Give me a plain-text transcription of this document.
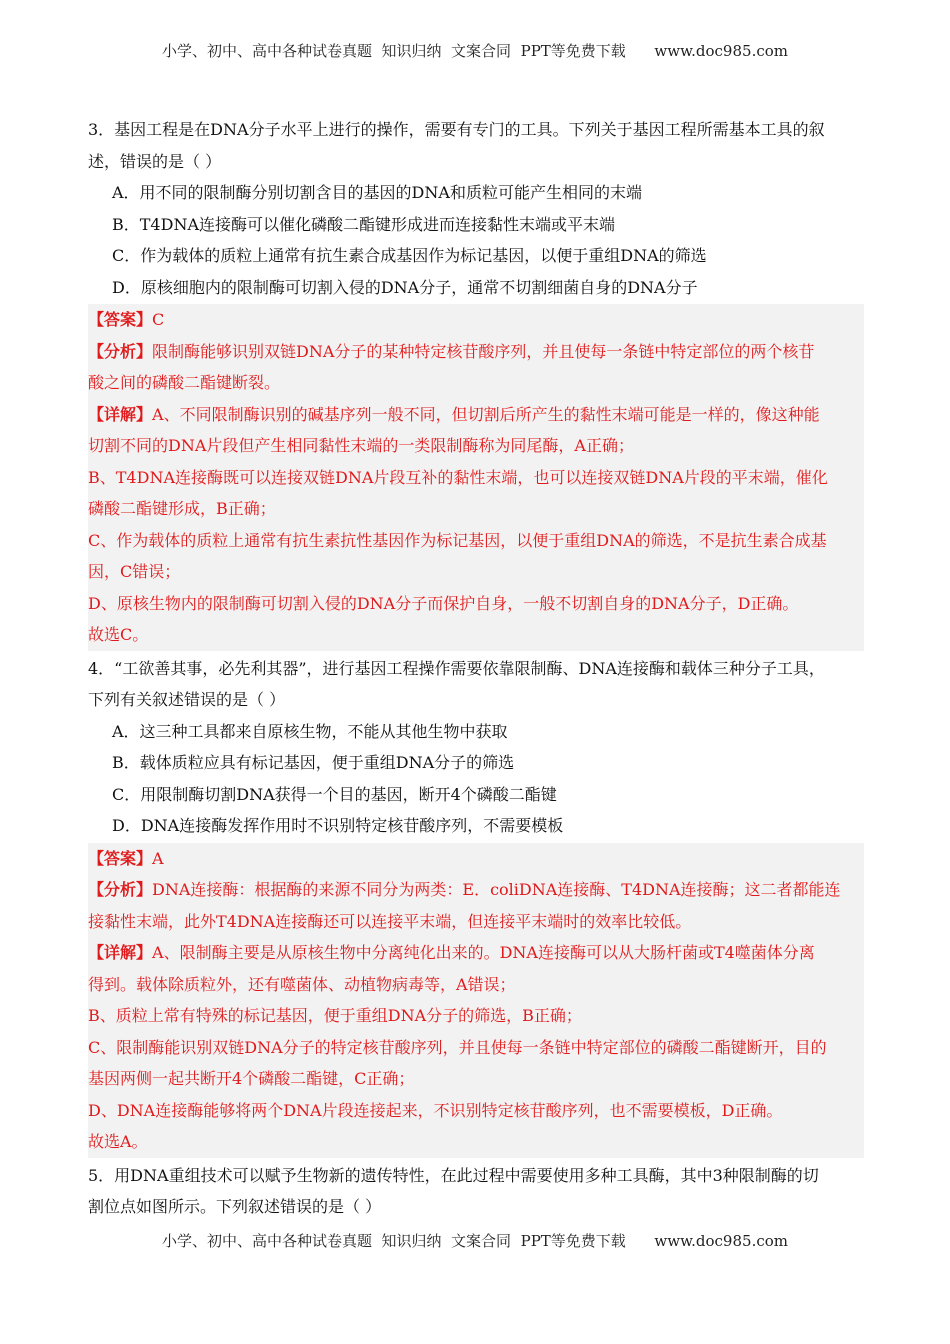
小学、初中、高中各种试卷真题  知识归纳  文案合同  PPT等免费下载      www.doc985.com
3．基因工程是在DNA分子水平上进行的操作，需要有专门的工具。下列关于基因工程所需基本工具的叙
述，错误的是（ ）
A．用不同的限制酶分别切割含目的基因的DNA和质粒可能产生相同的末端
B．T4DNA连接酶可以催化磷酸二酯键形成进而连接黏性末端或平末端
C．作为载体的质粒上通常有抗生素合成基因作为标记基因，以便于重组DNA的筛选
D．原核细胞内的限制酶可切割入侵的DNA分子，通常不切割细菌自身的DNA分子
【答案】C
【分析】限制酶能够识别双链DNA分子的某种特定核苷酸序列，并且使每一条链中特定部位的两个核苷
酸之间的磷酸二酯键断裂。
【详解】A、不同限制酶识别的碱基序列一般不同，但切割后所产生的黏性末端可能是一样的，像这种能
切割不同的DNA片段但产生相同黏性末端的一类限制酶称为同尾酶，A正确；
B、T4DNA连接酶既可以连接双链DNA片段互补的黏性末端，也可以连接双链DNA片段的平末端，催化
磷酸二酯键形成，B正确；
C、作为载体的质粒上通常有抗生素抗性基因作为标记基因，以便于重组DNA的筛选，不是抗生素合成基
因，C错误；
D、原核生物内的限制酶可切割入侵的DNA分子而保护自身，一般不切割自身的DNA分子，D正确。
故选C。
4．“工欲善其事，必先利其器”，进行基因工程操作需要依靠限制酶、DNA连接酶和载体三种分子工具，
下列有关叙述错误的是（ ）
A．这三种工具都来自原核生物，不能从其他生物中获取
B．载体质粒应具有标记基因，便于重组DNA分子的筛选
C．用限制酶切割DNA获得一个目的基因，断开4个磷酸二酯键
D．DNA连接酶发挥作用时不识别特定核苷酸序列，不需要模板
【答案】A
【分析】DNA连接酶：根据酶的来源不同分为两类：E．coliDNA连接酶、T4DNA连接酶；这二者都能连
接黏性末端，此外T4DNA连接酶还可以连接平末端，但连接平末端时的效率比较低。
【详解】A、限制酶主要是从原核生物中分离纯化出来的。DNA连接酶可以从大肠杆菌或T4噬菌体分离
得到。载体除质粒外，还有噬菌体、动植物病毒等，A错误；
B、质粒上常有特殊的标记基因，便于重组DNA分子的筛选，B正确；
C、限制酶能识别双链DNA分子的特定核苷酸序列，并且使每一条链中特定部位的磷酸二酯键断开，目的
基因两侧一起共断开4个磷酸二酯键，C正确；
D、DNA连接酶能够将两个DNA片段连接起来，不识别特定核苷酸序列，也不需要模板，D正确。
故选A。
5．用DNA重组技术可以赋予生物新的遗传特性，在此过程中需要使用多种工具酶，其中3种限制酶的切
割位点如图所示。下列叙述错误的是（ ）
小学、初中、高中各种试卷真题  知识归纳  文案合同  PPT等免费下载      www.doc985.com
